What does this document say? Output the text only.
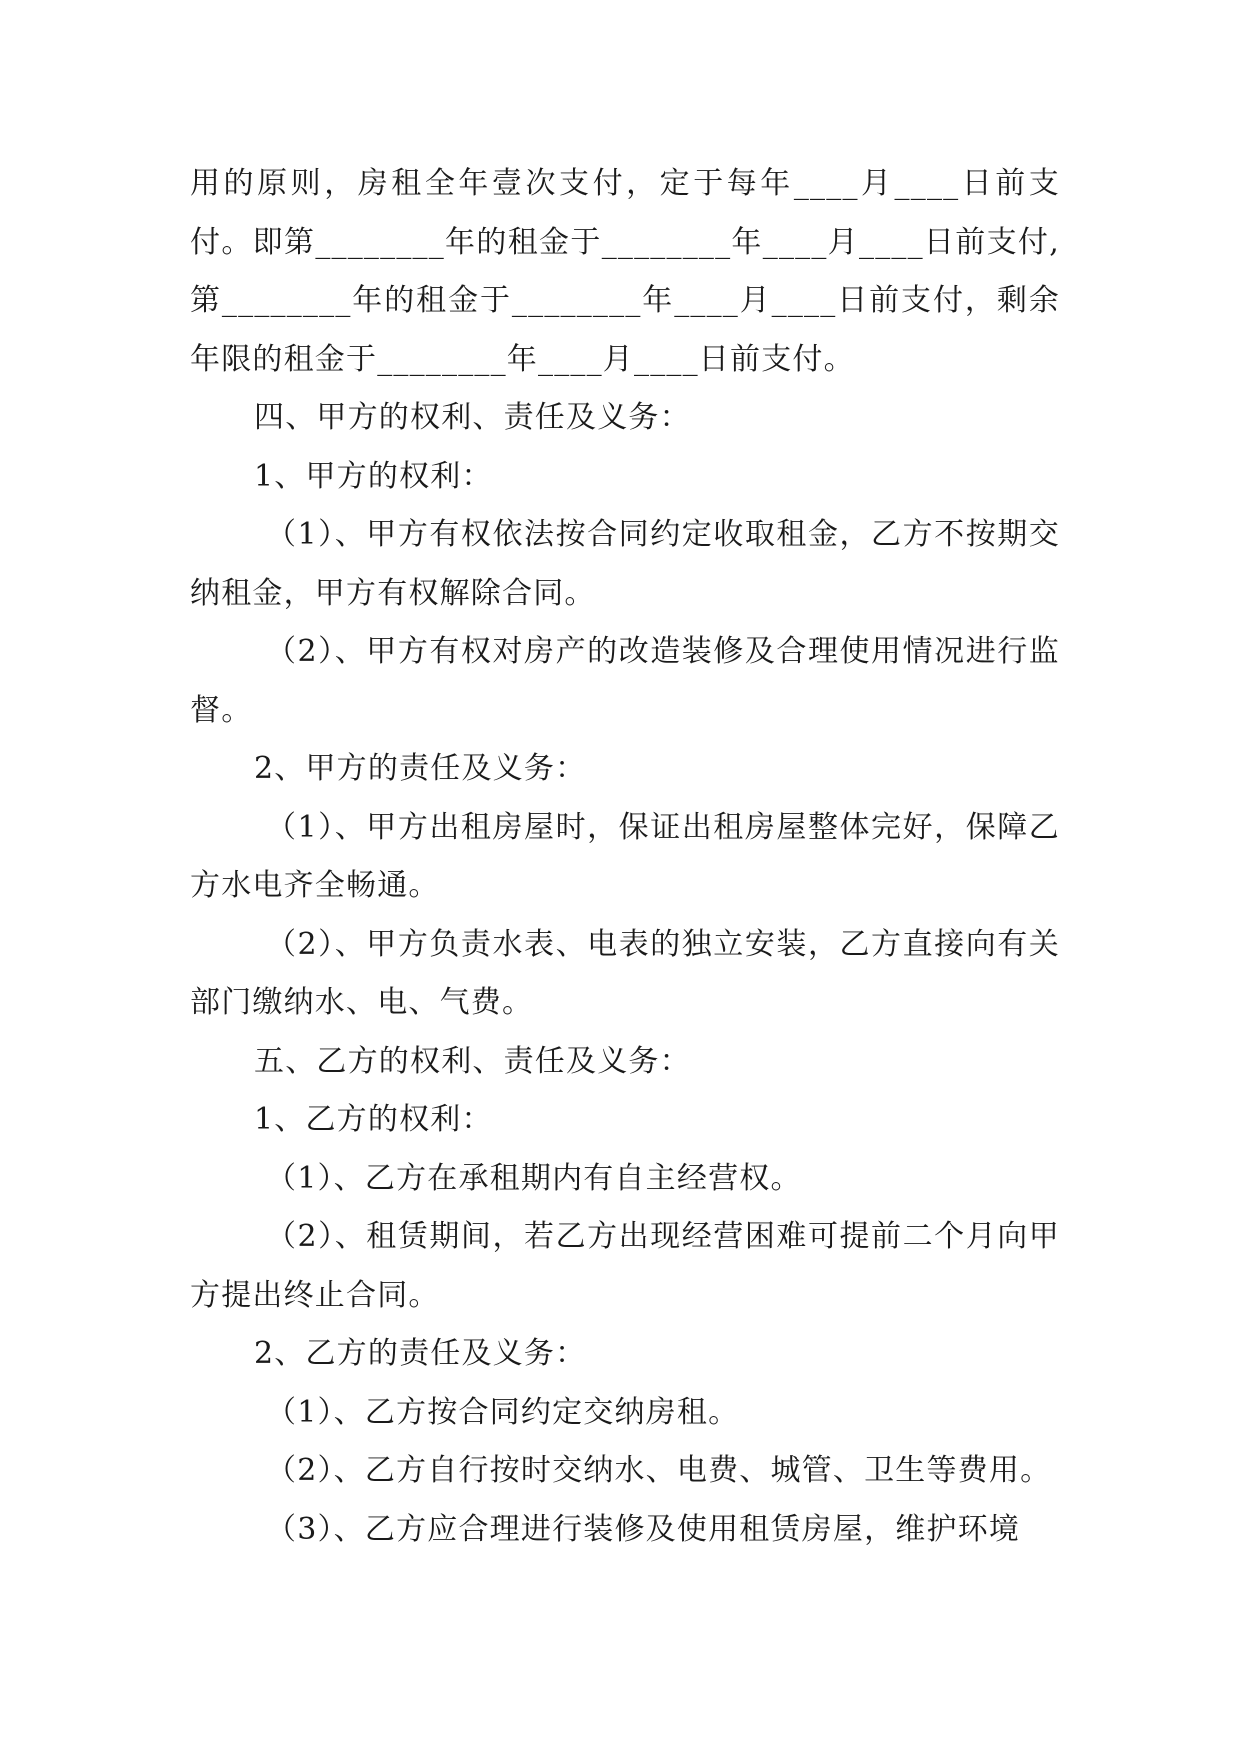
用的原则，房租全年壹次支付，定于每年____月____日前支付。即第________年的租金于________年____月____日前支付,第________年的租金于________年____月____日前支付，剩余年限的租金于________年____月____日前支付。

四、甲方的权利、责任及义务：

1、甲方的权利：

（1）、甲方有权依法按合同约定收取租金，乙方不按期交纳租金，甲方有权解除合同。

（2）、甲方有权对房产的改造装修及合理使用情况进行监督。

2、甲方的责任及义务：

（1）、甲方出租房屋时，保证出租房屋整体完好，保障乙方水电齐全畅通。

（2）、甲方负责水表、电表的独立安装，乙方直接向有关部门缴纳水、电、气费。

五、乙方的权利、责任及义务：

1、乙方的权利：

（1）、乙方在承租期内有自主经营权。

（2）、租赁期间，若乙方出现经营困难可提前二个月向甲方提出终止合同。

2、乙方的责任及义务：

（1）、乙方按合同约定交纳房租。

（2）、乙方自行按时交纳水、电费、城管、卫生等费用。

（3）、乙方应合理进行装修及使用租赁房屋，维护环境
